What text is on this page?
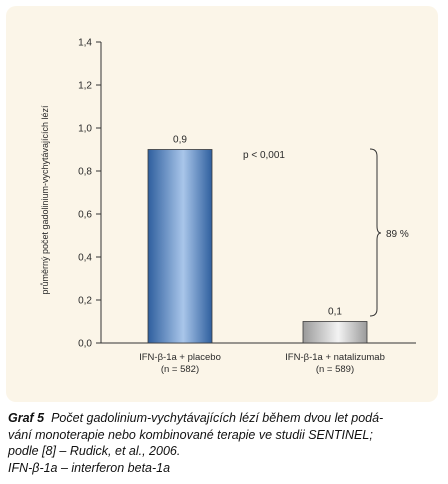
průměrný počet gadolinium-vychytávajících lézí
0,0
0,2
0,4
0,6
0,8
1,0
1,2
1,4
0,9
0,1
IFN-β-1a + placebo
(n = 582)
IFN-β-1a + natalizumab
(n = 589)
p < 0,001
89 %
Graf 5 Počet gadolinium-vychytávajících lézí během dvou let podá-
vání monoterapie nebo kombinované terapie ve studii SENTINEL;
podle [8] – Rudick, et al., 2006.
IFN-β-1a – interferon beta-1a
